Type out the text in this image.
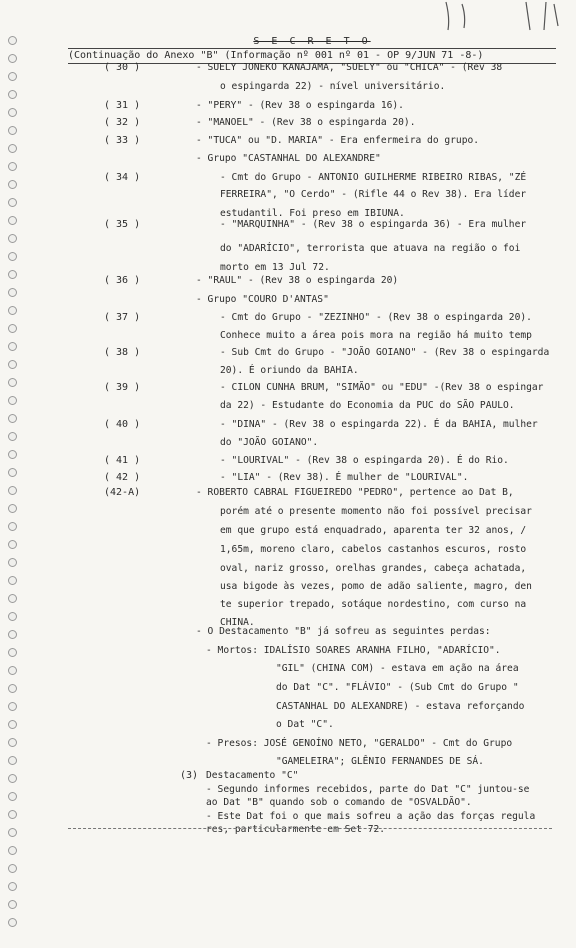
S E C R E T O
(Continuação do Anexo "B" (Informação nº 001 nº 01 - OP 9/JUN 71 -8-)
( 30 )	- SUELY JONEKO KANAJAMA, "SUELY" ou "CHICA" - (Rev 38
o espingarda 22) - nível universitário.
( 31 )	- "PERY" - (Rev 38 o espingarda 16).
( 32 )	- "MANOEL" - (Rev 38 o espingarda 20).
( 33 )	- "TUCA" ou "D. MARIA" - Era enfermeira do grupo.
- Grupo "CASTANHAL DO ALEXANDRE"
( 34 )	- Cmt do Grupo - ANTONIO GUILHERME RIBEIRO RIBAS, "ZÉ
FERREIRA", "O Cerdo" - (Rifle 44 o Rev 38). Era líder
estudantil. Foi preso em IBIUNA.
( 35 )	- "MARQUINHA" - (Rev 38 o espingarda 36) - Era mulher
do "ADARÍCIO", terrorista que atuava na região o foi
morto em 13 Jul 72.
( 36 )	- "RAUL" - (Rev 38 o espingarda 20)
- Grupo "COURO D'ANTAS"
( 37 )	- Cmt do Grupo - "ZEZINHO" - (Rev 38 o espingarda 20).
Conhece muito a área pois mora na região há muito temp
( 38 )	- Sub Cmt do Grupo - "JOÃO GOIANO" - (Rev 38 o espingarda
20). É oriundo da BAHIA.
( 39 )	- CILON CUNHA BRUM, "SIMÃO" ou "EDU" -(Rev 38 o espingar
da 22) - Estudante do Economia da PUC do SÃO PAULO.
( 40 )	- "DINA" - (Rev 38 o espingarda 22). É da BAHIA, mulher
do "JOÃO GOIANO".
( 41 )	- "LOURIVAL" - (Rev 38 o espingarda 20). É do Rio.
( 42 )	- "LIA" - (Rev 38). É mulher de "LOURIVAL".
(42-A)	- ROBERTO CABRAL FIGUEIREDO "PEDRO", pertence ao Dat B,
porém até o presente momento não foi possível precisar
em que grupo está enquadrado, aparenta ter 32 anos, /
1,65m, moreno claro, cabelos castanhos escuros, rosto
oval, nariz grosso, orelhas grandes, cabeça achatada,
usa bigode às vezes, pomo de adão saliente, magro, den
te superior trepado, sotáque nordestino, com curso na
CHINA.
- O Destacamento "B" já sofreu as seguintes perdas:
- Mortos: IDALÍSIO SOARES ARANHA FILHO, "ADARÍCIO".
"GIL" (CHINA COM) - estava em ação na área
do Dat "C". "FLÁVIO" - (Sub Cmt do Grupo "
CASTANHAL DO ALEXANDRE) - estava reforçando
o Dat "C".
- Presos: JOSÉ GENOÍNO NETO, "GERALDO" - Cmt do Grupo
"GAMELEIRA"; GLÊNIO FERNANDES DE SÁ.
(3) Destacamento "C"
- Segundo informes recebidos, parte do Dat "C" juntou-se
ao Dat "B" quando sob o comando de "OSVALDÃO".
- Este Dat foi o que mais sofreu a ação das forças regula
res, particularmente em Set 72.
